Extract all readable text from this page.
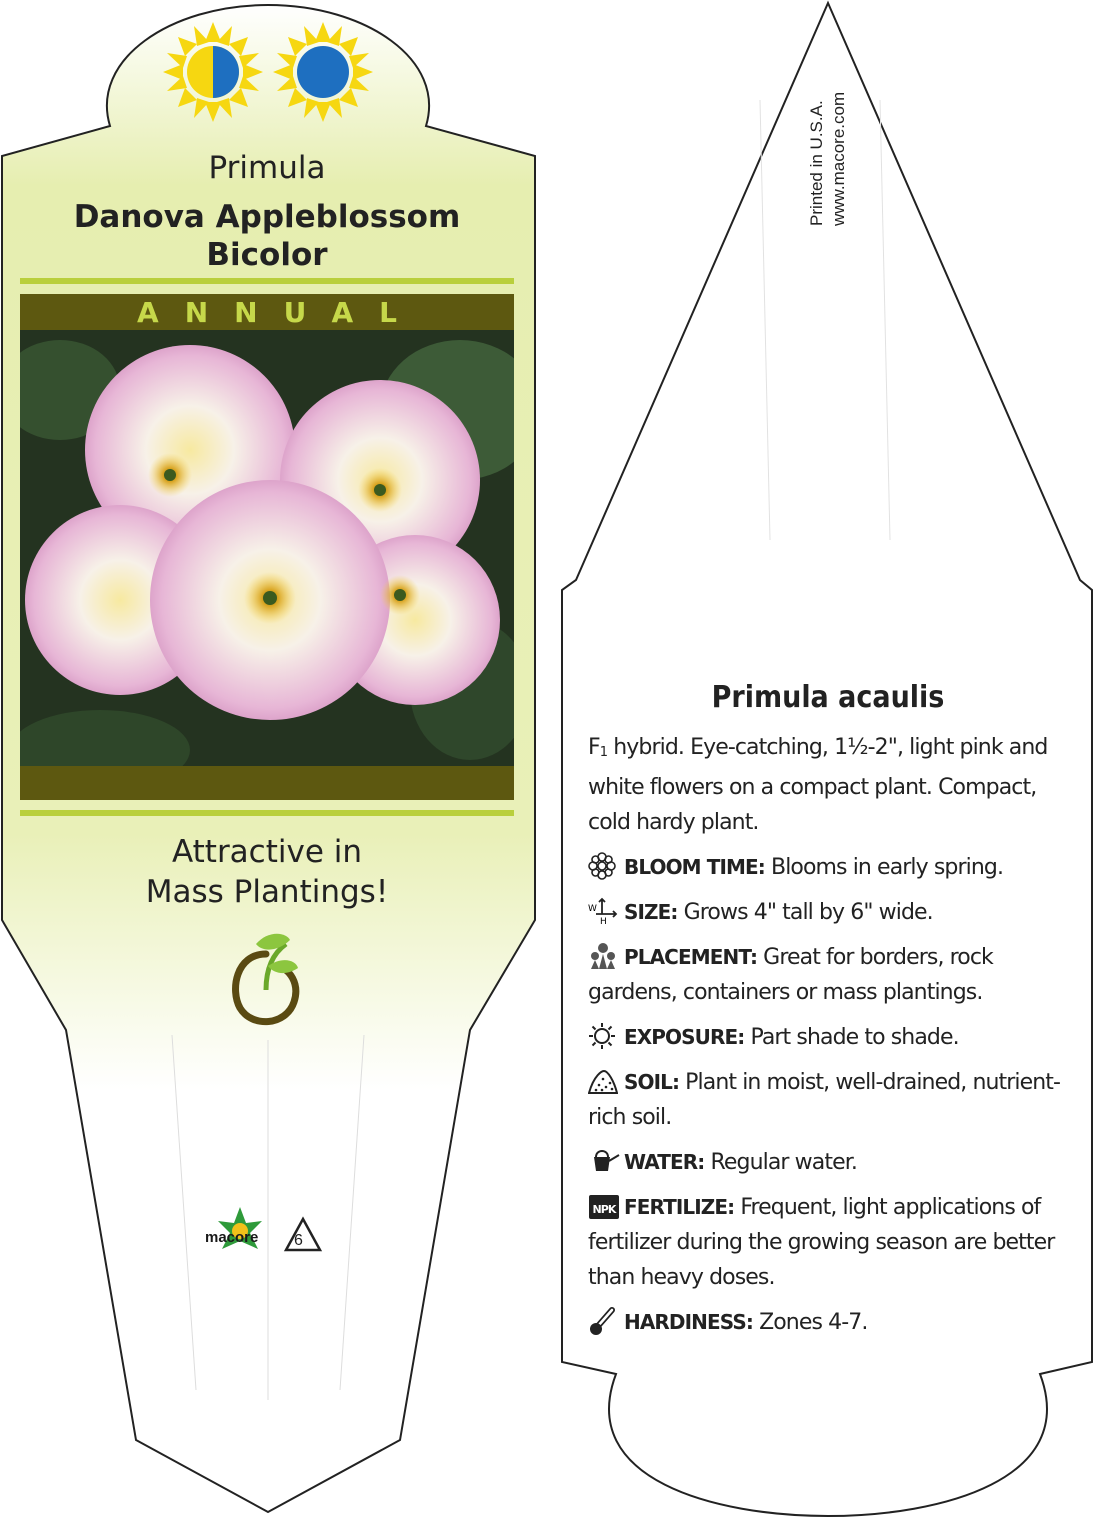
Primula
Danova Appleblossom
Bicolor
ANNUAL
Attractive in
Mass Plantings!
macore 6
Printed in U.S.A. www.macore.com
Primula acaulis
F1 hybrid. Eye-catching, 1½-2", light pink and white flowers on a compact plant. Compact, cold hardy plant.
BLOOM TIME: Blooms in early spring.
W
H SIZE: Grows 4" tall by 6" wide.
PLACEMENT: Great for borders, rock gardens, containers or mass plantings.
EXPOSURE: Part shade to shade.
SOIL: Plant in moist, well-drained, nutrient-rich soil.
WATER: Regular water.
NPK FERTILIZE: Frequent, light applications of fertilizer during the growing season are better than heavy doses.
HARDINESS: Zones 4-7.
